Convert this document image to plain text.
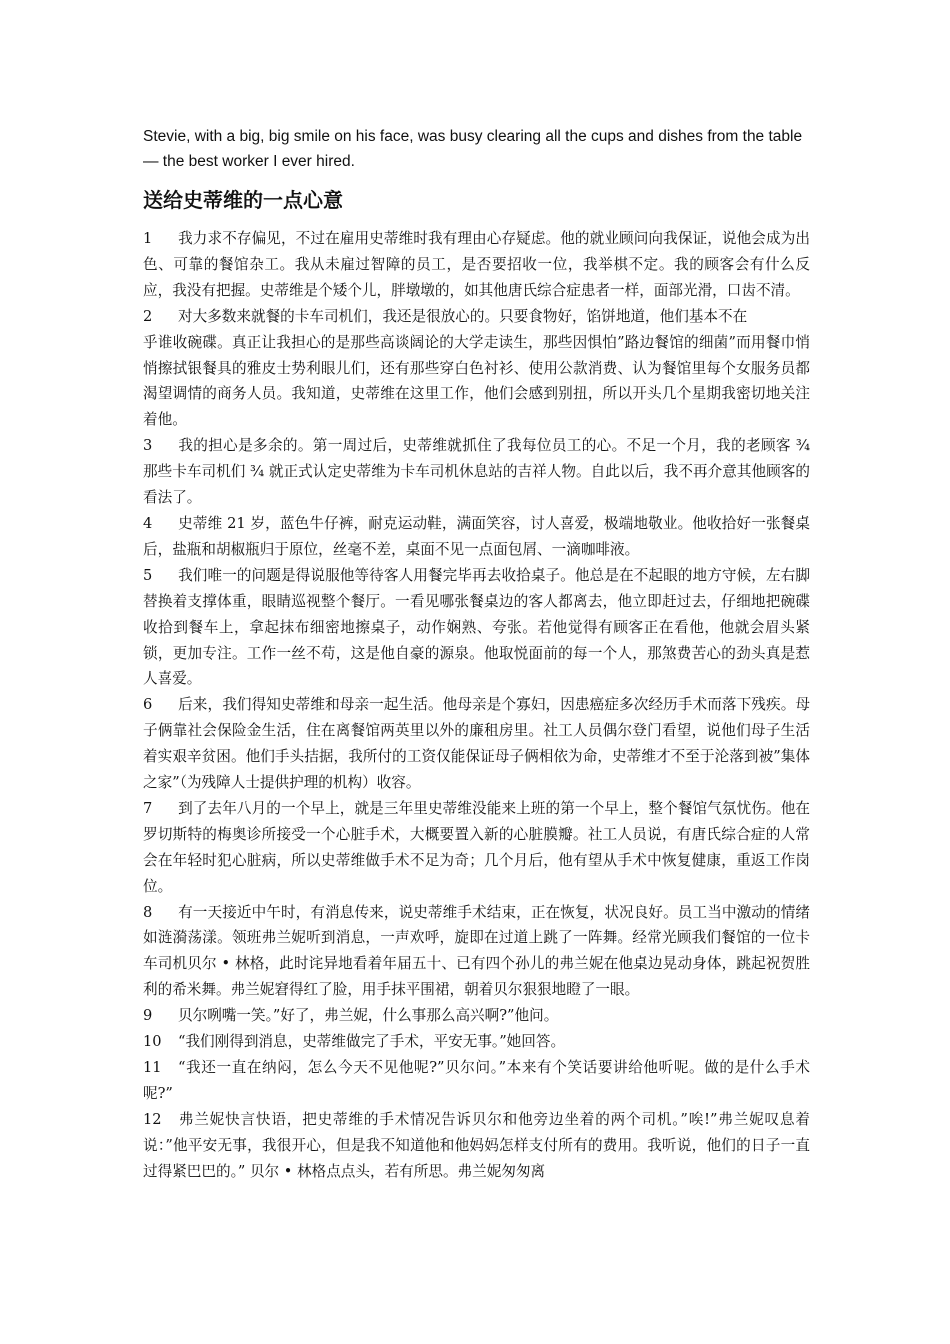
Stevie, with a big, big smile on his face, was busy clearing all the cups and dishes from the table
— the best worker I ever hired.
送给史蒂维的一点心意

1 我力求不存偏见，不过在雇用史蒂维时我有理由心存疑虑。他的就业顾问向我保证，说他会成为出色、可靠的餐馆杂工。我从未雇过智障的员工，是否要招收一位，我举棋不定。我的顾客会有什么反应，我没有把握。史蒂维是个矮个儿，胖墩墩的，如其他唐氏综合症患者一样，面部光滑，口齿不清。

2 对大多数来就餐的卡车司机们，我还是很放心的。只要食物好，馅饼地道，他们基本不在
乎谁收碗碟。真正让我担心的是那些高谈阔论的大学走读生，那些因惧怕”路边餐馆的细菌”而用餐巾悄悄擦拭银餐具的雅皮士势利眼儿们，还有那些穿白色衬衫、使用公款消费、认为餐馆里每个女服务员都渴望调情的商务人员。我知道，史蒂维在这里工作，他们会感到别扭，所以开头几个星期我密切地关注着他。

3 我的担心是多余的。第一周过后，史蒂维就抓住了我每位员工的心。不足一个月，我的老顾客 ¾ 那些卡车司机们 ¾ 就正式认定史蒂维为卡车司机休息站的吉祥人物。自此以后，我不再介意其他顾客的看法了。

4 史蒂维 21 岁，蓝色牛仔裤，耐克运动鞋，满面笑容，讨人喜爱，极端地敬业。他收拾好一张餐桌后，盐瓶和胡椒瓶归于原位，丝毫不差，桌面不见一点面包屑、一滴咖啡液。

5 我们唯一的问题是得说服他等待客人用餐完毕再去收拾桌子。他总是在不起眼的地方守候，左右脚替换着支撑体重，眼睛巡视整个餐厅。一看见哪张餐桌边的客人都离去，他立即赶过去，仔细地把碗碟收拾到餐车上，拿起抹布细密地擦桌子，动作娴熟、夸张。若他觉得有顾客正在看他，他就会眉头紧锁，更加专注。工作一丝不苟，这是他自豪的源泉。他取悦面前的每一个人，那煞费苦心的劲头真是惹人喜爱。

6 后来，我们得知史蒂维和母亲一起生活。他母亲是个寡妇，因患癌症多次经历手术而落下残疾。母子俩靠社会保险金生活，住在离餐馆两英里以外的廉租房里。社工人员偶尔登门看望，说他们母子生活着实艰辛贫困。他们手头拮据，我所付的工资仅能保证母子俩相依为命，史蒂维才不至于沦落到被”集体之家”（为残障人士提供护理的机构）收容。

7 到了去年八月的一个早上，就是三年里史蒂维没能来上班的第一个早上，整个餐馆气氛忧伤。他在罗切斯特的梅奥诊所接受一个心脏手术，大概要置入新的心脏膜瓣。社工人员说，有唐氏综合症的人常会在年轻时犯心脏病，所以史蒂维做手术不足为奇；几个月后，他有望从手术中恢复健康，重返工作岗位。

8 有一天接近中午时，有消息传来，说史蒂维手术结束，正在恢复，状况良好。员工当中激动的情绪如涟漪荡漾。领班弗兰妮听到消息，一声欢呼，旋即在过道上跳了一阵舞。经常光顾我们餐馆的一位卡车司机贝尔 • 林格，此时诧异地看着年届五十、已有四个孙儿的弗兰妮在他桌边晃动身体，跳起祝贺胜利的希米舞。弗兰妮窘得红了脸，用手抹平围裙，朝着贝尔狠狠地瞪了一眼。

9 贝尔咧嘴一笑。”好了，弗兰妮，什么事那么高兴啊?”他问。

10 “我们刚得到消息，史蒂维做完了手术，平安无事。”她回答。

11 “我还一直在纳闷，怎么今天不见他呢?”贝尔问。”本来有个笑话要讲给他听呢。做的是什么手术呢?”

12 弗兰妮快言快语，把史蒂维的手术情况告诉贝尔和他旁边坐着的两个司机。”唉!”弗兰妮叹息着说：”他平安无事，我很开心，但是我不知道他和他妈妈怎样支付所有的费用。我听说，他们的日子一直过得紧巴巴的。” 贝尔 • 林格点点头，若有所思。弗兰妮匆匆离
